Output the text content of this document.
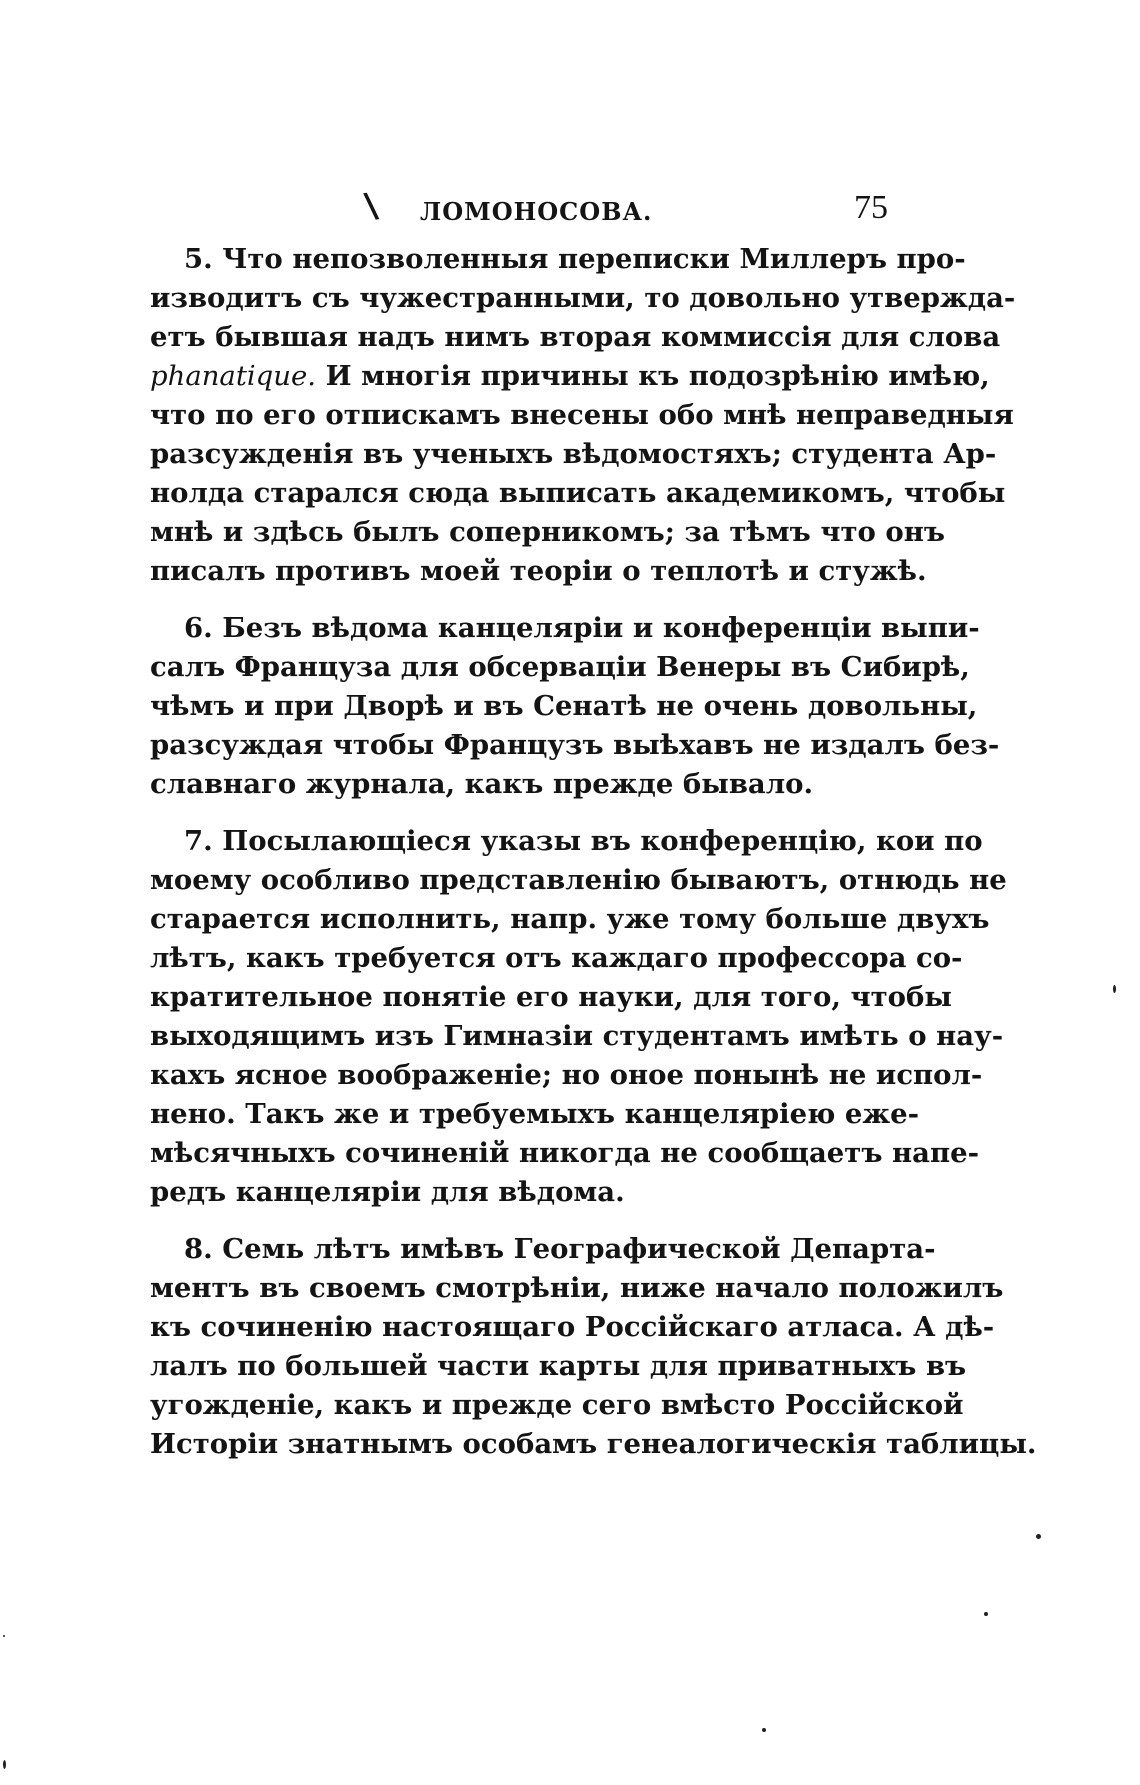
\ ЛОМОНОСОВА.	75

5. Что непозволенныя переписки Миллеръ про-
изводитъ съ чужестранными, то довольно утвержда-
етъ бывшая надъ нимъ вторая коммиссія для слова
phanatique. И многія причины къ подозрѣнію имѣю,
что по его отпискамъ внесены обо мнѣ неправедныя
разсужденія въ ученыхъ вѣдомостяхъ; студента Ар-
нолда старался сюда выписать академикомъ, чтобы
мнѣ и здѣсь былъ соперникомъ; за тѣмъ что онъ
писалъ противъ моей теоріи о теплотѣ и стужѣ.

6. Безъ вѣдома канцеляріи и конференціи выпи-
салъ Француза для обсерваціи Венеры въ Сибирѣ,
чѣмъ и при Дворѣ и въ Сенатѣ не очень довольны,
разсуждая чтобы Французъ выѣхавъ не издалъ без-
славнаго журнала, какъ прежде бывало.

7. Посылающіеся указы въ конференцію, кои по
моему особливо представленію бываютъ, отнюдь не
старается исполнить, напр. уже тому больше двухъ
лѣтъ, какъ требуется отъ каждаго профессора со-
кратительное понятіе его науки, для того, чтобы
выходящимъ изъ Гимназіи студентамъ имѣть о нау-
кахъ ясное воображеніе; но оное понынѣ не испол-
нено. Такъ же и требуемыхъ канцеляріею еже-
мѣсячныхъ сочиненій никогда не сообщаетъ напе-
редъ канцеляріи для вѣдома.

8. Семь лѣтъ имѣвъ Географической Департа-
ментъ въ своемъ смотрѣніи, ниже начало положилъ
къ сочиненію настоящаго Россійскаго атласа. А дѣ-
лалъ по большей части карты для приватныхъ въ
угожденіе, какъ и прежде сего вмѣсто Россійской
Исторіи знатнымъ особамъ генеалогическія таблицы.
